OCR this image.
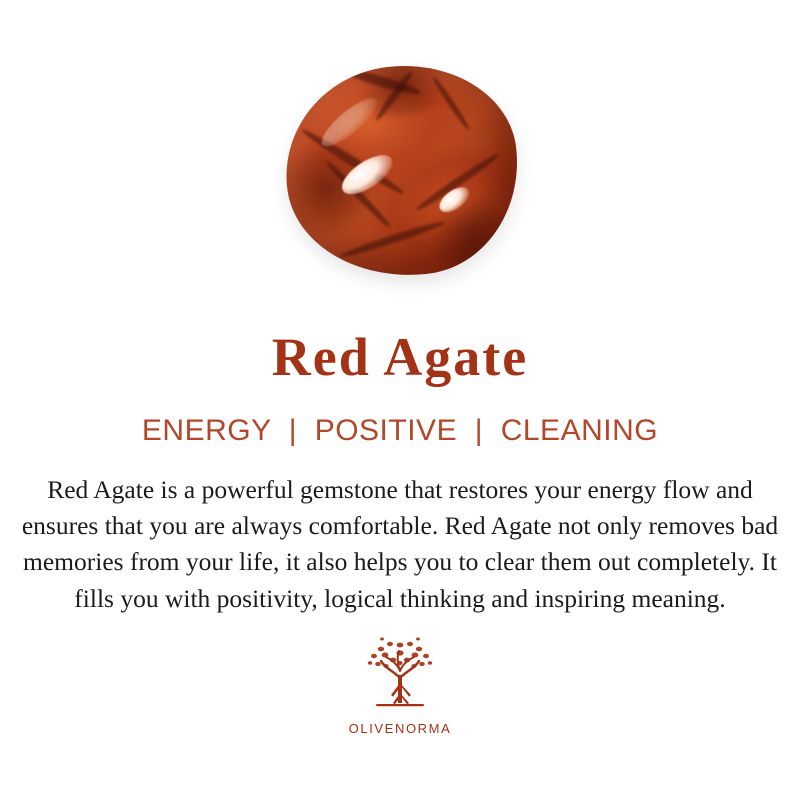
Red Agate
ENERGY  |  POSITIVE  |  CLEANING

Red Agate is a powerful gemstone that restores your energy flow and ensures that you are always comfortable. Red Agate not only removes bad memories from your life, it also helps you to clear them out completely. It fills you with positivity, logical thinking and inspiring meaning.

OLIVENORMA
